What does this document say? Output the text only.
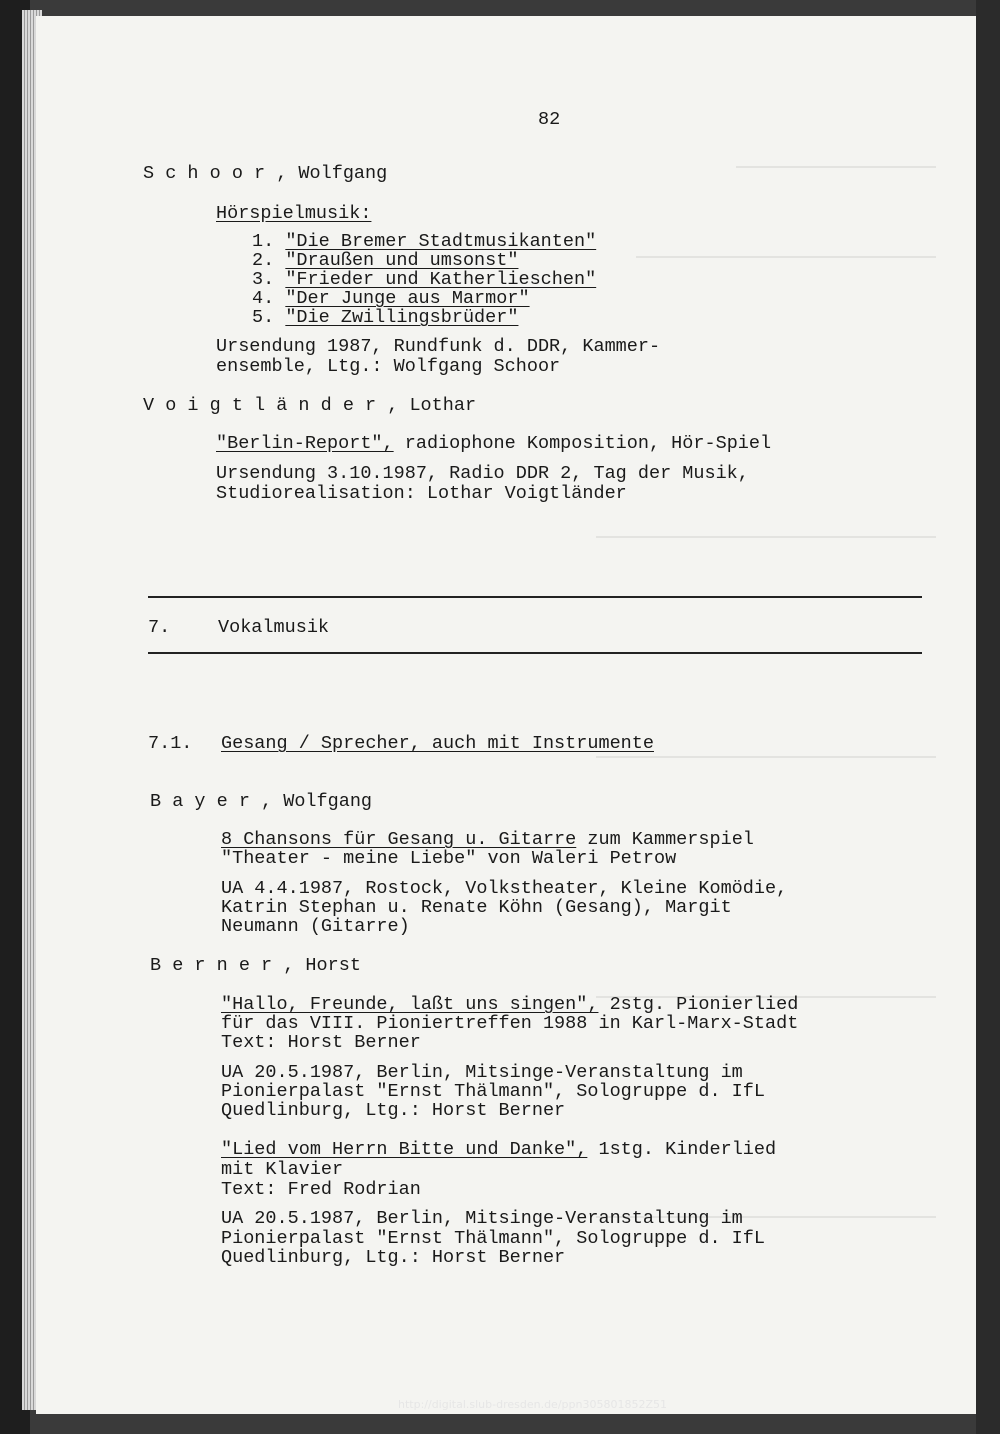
82
S c h o o r , Wolfgang
Hörspielmusik:
1. "Die Bremer Stadtmusikanten"
2. "Draußen und umsonst"
3. "Frieder und Katherlieschen"
4. "Der Junge aus Marmor"
5. "Die Zwillingsbrüder"
Ursendung 1987, Rundfunk d. DDR, Kammer-
ensemble, Ltg.: Wolfgang Schoor
V o i g t l ä n d e r , Lothar
"Berlin-Report", radiophone Komposition, Hör-Spiel
Ursendung 3.10.1987, Radio DDR 2, Tag der Musik,
Studiorealisation: Lothar Voigtländer
7.	Vokalmusik
7.1. Gesang / Sprecher, auch mit Instrumente
B a y e r , Wolfgang
8 Chansons für Gesang u. Gitarre zum Kammerspiel
"Theater - meine Liebe" von Waleri Petrow
UA 4.4.1987, Rostock, Volkstheater, Kleine Komödie,
Katrin Stephan u. Renate Köhn (Gesang), Margit
Neumann (Gitarre)
B e r n e r , Horst
"Hallo, Freunde, laßt uns singen", 2stg. Pionierlied
für das VIII. Pioniertreffen 1988 in Karl-Marx-Stadt
Text: Horst Berner
UA 20.5.1987, Berlin, Mitsinge-Veranstaltung im
Pionierpalast "Ernst Thälmann", Sologruppe d. IfL
Quedlinburg, Ltg.: Horst Berner
"Lied vom Herrn Bitte und Danke", 1stg. Kinderlied
mit Klavier
Text: Fred Rodrian
UA 20.5.1987, Berlin, Mitsinge-Veranstaltung im
Pionierpalast "Ernst Thälmann", Sologruppe d. IfL
Quedlinburg, Ltg.: Horst Berner
http://digital.slub-dresden.de/ppn305801852Z51
